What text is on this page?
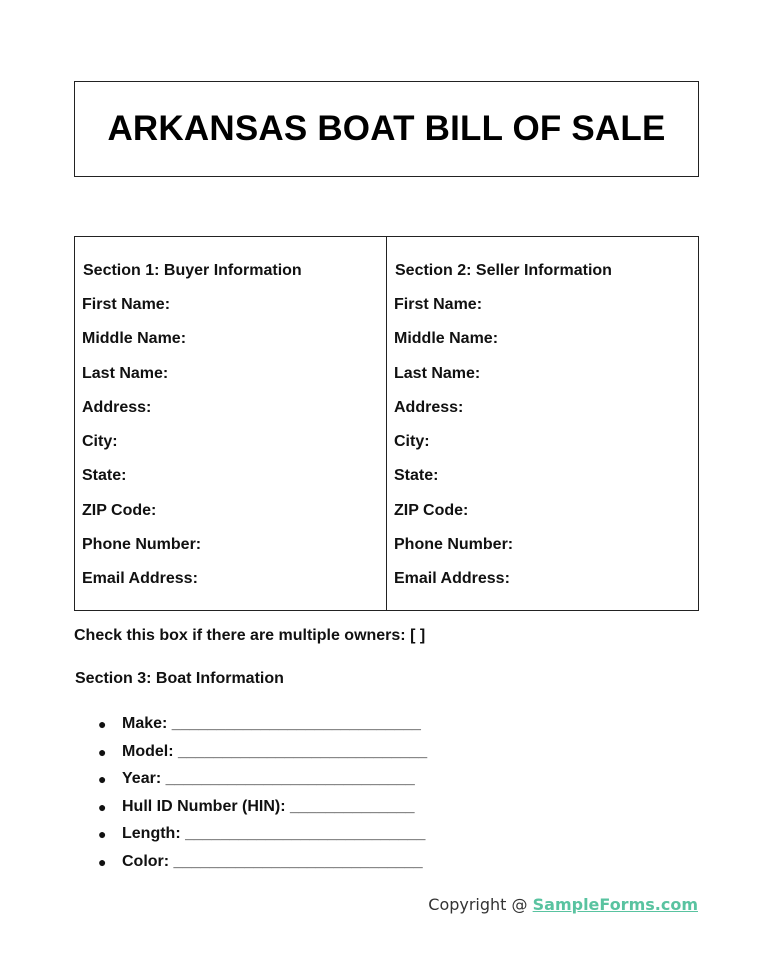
ARKANSAS BOAT BILL OF SALE
Section 1: Buyer Information
First Name:
Middle Name:
Last Name:
Address:
City:
State:
ZIP Code:
Phone Number:
Email Address:
Section 2: Seller Information
First Name:
Middle Name:
Last Name:
Address:
City:
State:
ZIP Code:
Phone Number:
Email Address:
Check this box if there are multiple owners: [ ]
Section 3: Boat Information
● Make: ____________________________
● Model: ____________________________
● Year: ____________________________
● Hull ID Number (HIN): ______________
● Length: ___________________________
● Color: ____________________________
Copyright @ SampleForms.com
